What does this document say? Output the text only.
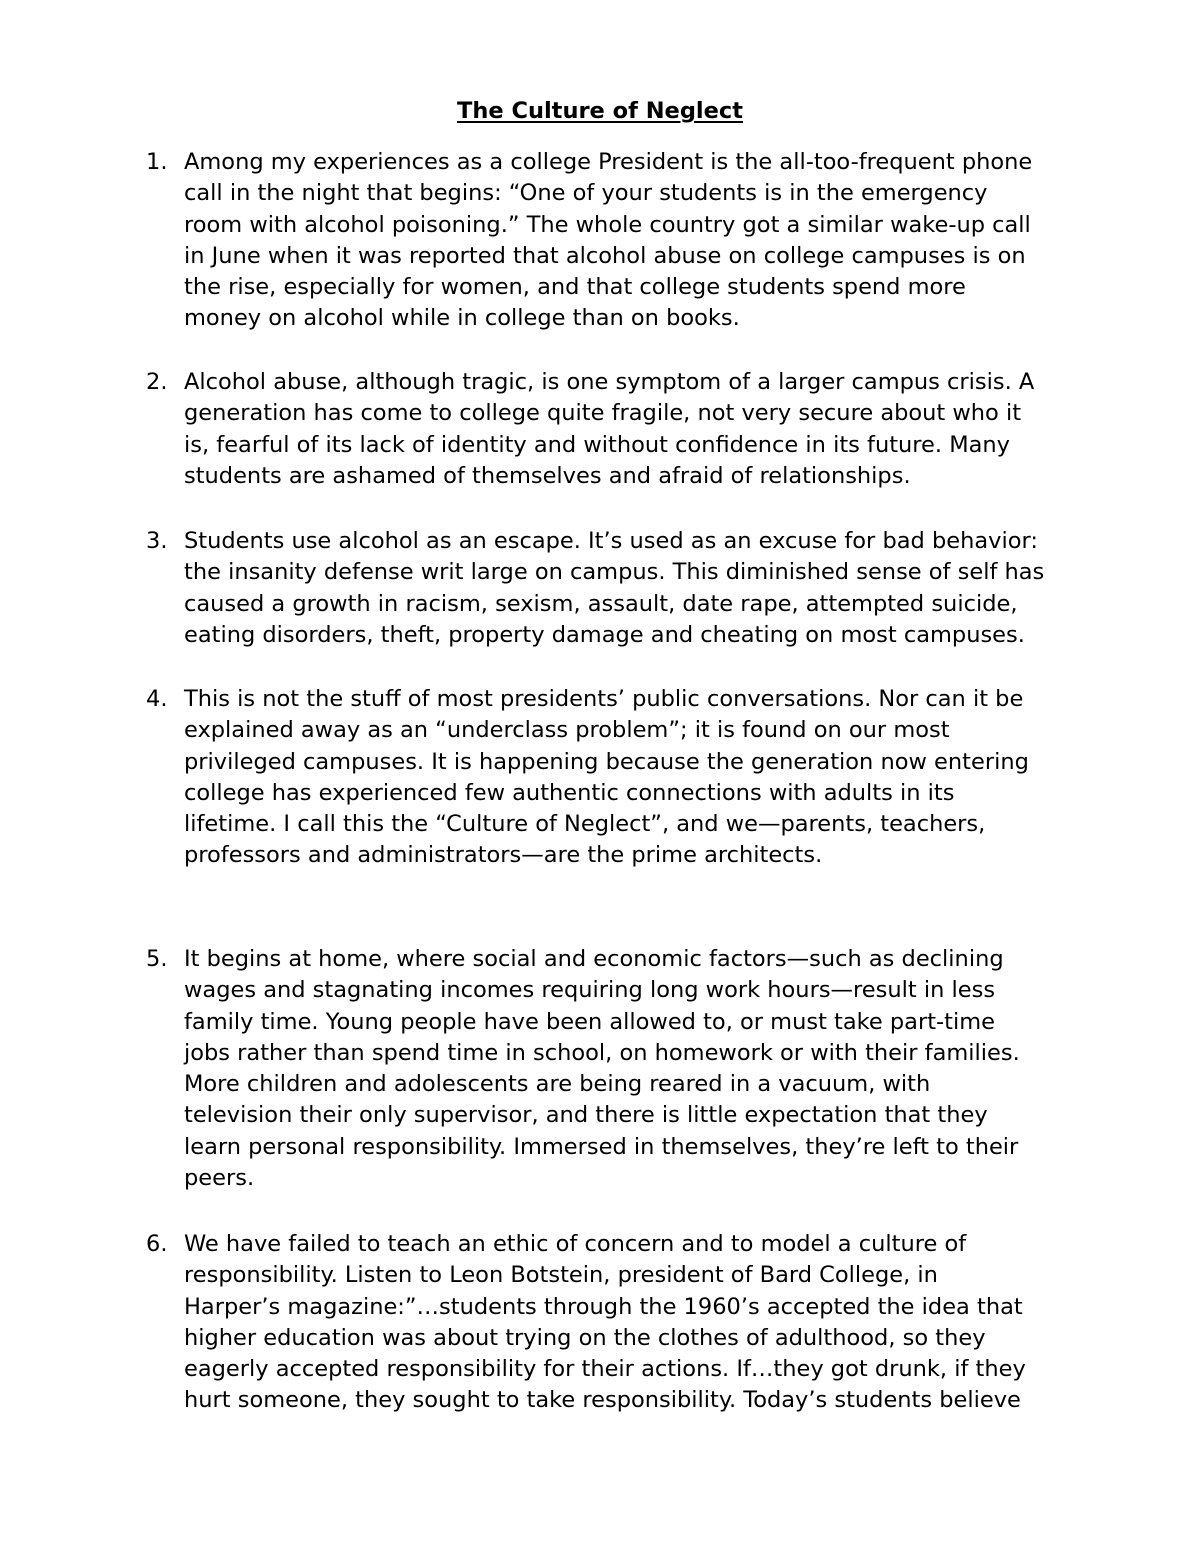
The Culture of Neglect
1. Among my experiences as a college President is the all-too-frequent phone
call in the night that begins: “One of your students is in the emergency
room with alcohol poisoning.” The whole country got a similar wake-up call
in June when it was reported that alcohol abuse on college campuses is on
the rise, especially for women, and that college students spend more
money on alcohol while in college than on books.
2. Alcohol abuse, although tragic, is one symptom of a larger campus crisis. A
generation has come to college quite fragile, not very secure about who it
is, fearful of its lack of identity and without confidence in its future. Many
students are ashamed of themselves and afraid of relationships.
3. Students use alcohol as an escape. It’s used as an excuse for bad behavior:
the insanity defense writ large on campus. This diminished sense of self has
caused a growth in racism, sexism, assault, date rape, attempted suicide,
eating disorders, theft, property damage and cheating on most campuses.
4. This is not the stuff of most presidents’ public conversations. Nor can it be
explained away as an “underclass problem”; it is found on our most
privileged campuses. It is happening because the generation now entering
college has experienced few authentic connections with adults in its
lifetime. I call this the “Culture of Neglect”, and we—parents, teachers,
professors and administrators—are the prime architects.
5. It begins at home, where social and economic factors—such as declining
wages and stagnating incomes requiring long work hours—result in less
family time. Young people have been allowed to, or must take part-time
jobs rather than spend time in school, on homework or with their families.
More children and adolescents are being reared in a vacuum, with
television their only supervisor, and there is little expectation that they
learn personal responsibility. Immersed in themselves, they’re left to their
peers.
6. We have failed to teach an ethic of concern and to model a culture of
responsibility. Listen to Leon Botstein, president of Bard College, in
Harper’s magazine:”…students through the 1960’s accepted the idea that
higher education was about trying on the clothes of adulthood, so they
eagerly accepted responsibility for their actions. If…they got drunk, if they
hurt someone, they sought to take responsibility. Today’s students believe
